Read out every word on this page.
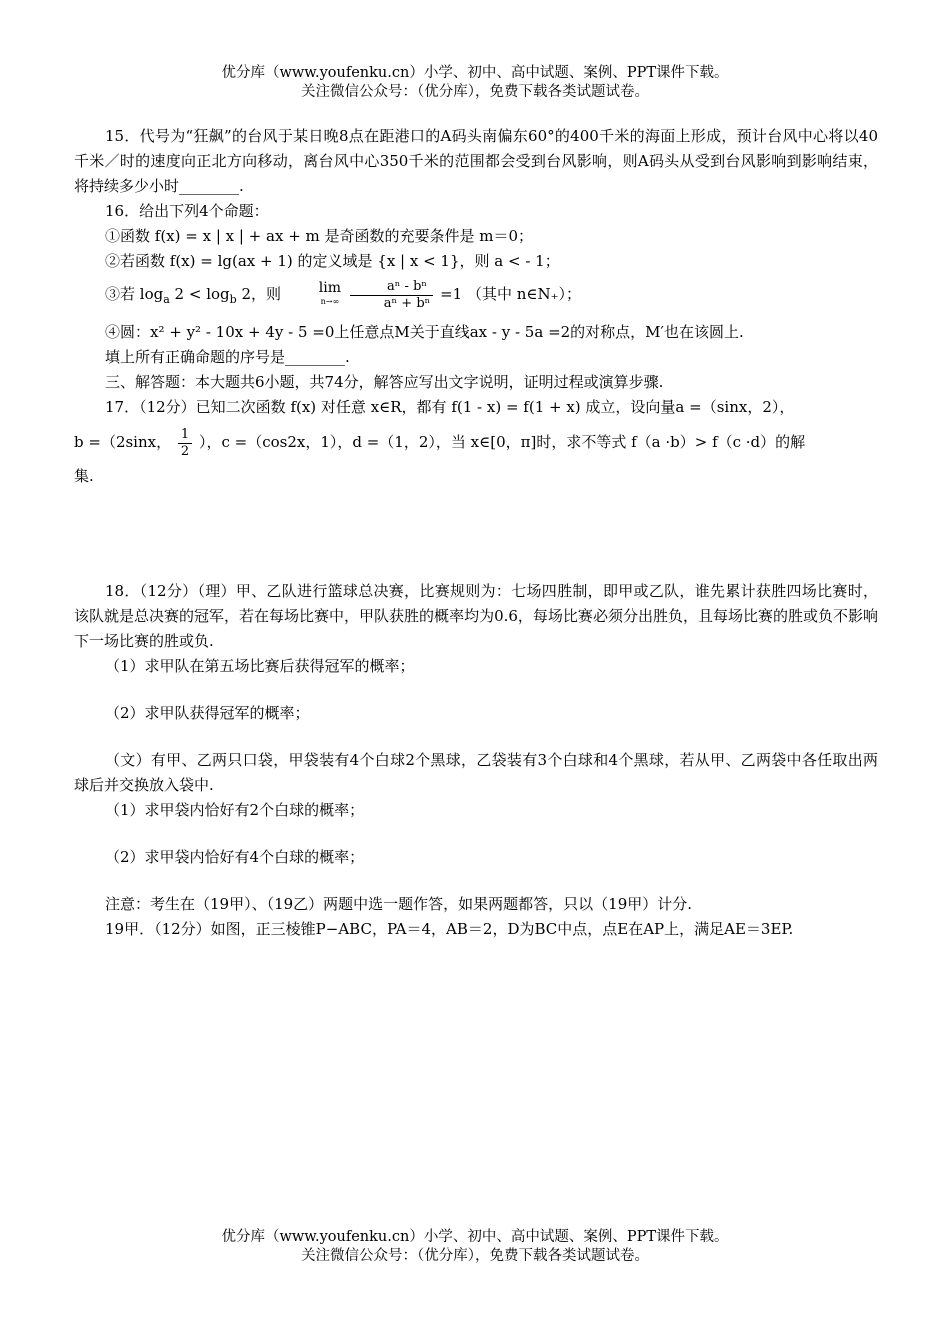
优分库（www.youfenku.cn）小学、初中、高中试题、案例、PPT课件下载。
关注微信公众号：（优分库），免费下载各类试题试卷。

15．代号为“狂飙”的台风于某日晚8点在距港口的A码头南偏东60°的400千米的海面上形成，预计台风中心将以40千米／时的速度向正北方向移动，离台风中心350千米的范围都会受到台风影响，则A码头从受到台风影响到影响结束，将持续多少小时________.

16．给出下列4个命题：

①函数 f(x) = x | x | + ax + m 是奇函数的充要条件是 m＝0；

②若函数 f(x) = lg(ax + 1) 的定义域是 {x | x < 1}，则 a < - 1；

③若 $\log_a 2 < \log_b 2$，则	lim
n→∞
$\frac{\text{aⁿ - bⁿ}}{\text{aⁿ + bⁿ}} =1$ （其中 n∈N₊）；

④圆：x² + y² - 10x + 4y - 5 =0上任意点M关于直线ax - y - 5a =2的对称点，M′也在该圆上.

填上所有正确命题的序号是________.

三、解答题：本大题共6小题，共74分，解答应写出文字说明，证明过程或演算步骤.

17．（12分）已知二次函数 f(x) 对任意 x∈R，都有 f(1 - x) = f(1 + x) 成立，设向量a =（sinx，2），

b =（2sinx， $\frac{1}{2}$ ），c =（cos2x，1），d =（1，2），当 x∈[0，π]时，求不等式 f（a ·b）> f（c ·d）的解

集.

18．（12分）（理）甲、乙队进行篮球总决赛，比赛规则为：七场四胜制，即甲或乙队，谁先累计获胜四场比赛时，该队就是总决赛的冠军，若在每场比赛中，甲队获胜的概率均为0.6，每场比赛必须分出胜负，且每场比赛的胜或负不影响下一场比赛的胜或负.

（1）求甲队在第五场比赛后获得冠军的概率；

（2）求甲队获得冠军的概率；

（文）有甲、乙两只口袋，甲袋装有4个白球2个黑球，乙袋装有3个白球和4个黑球，若从甲、乙两袋中各任取出两球后并交换放入袋中.

（1）求甲袋内恰好有2个白球的概率；

（2）求甲袋内恰好有4个白球的概率；

注意：考生在（19甲）、（19乙）两题中选一题作答，如果两题都答，只以（19甲）计分.

19甲．（12分）如图，正三棱锥P−ABC，PA＝4，AB＝2，D为BC中点，点E在AP上，满足AE＝3EP.

优分库（www.youfenku.cn）小学、初中、高中试题、案例、PPT课件下载。
关注微信公众号：（优分库），免费下载各类试题试卷。
